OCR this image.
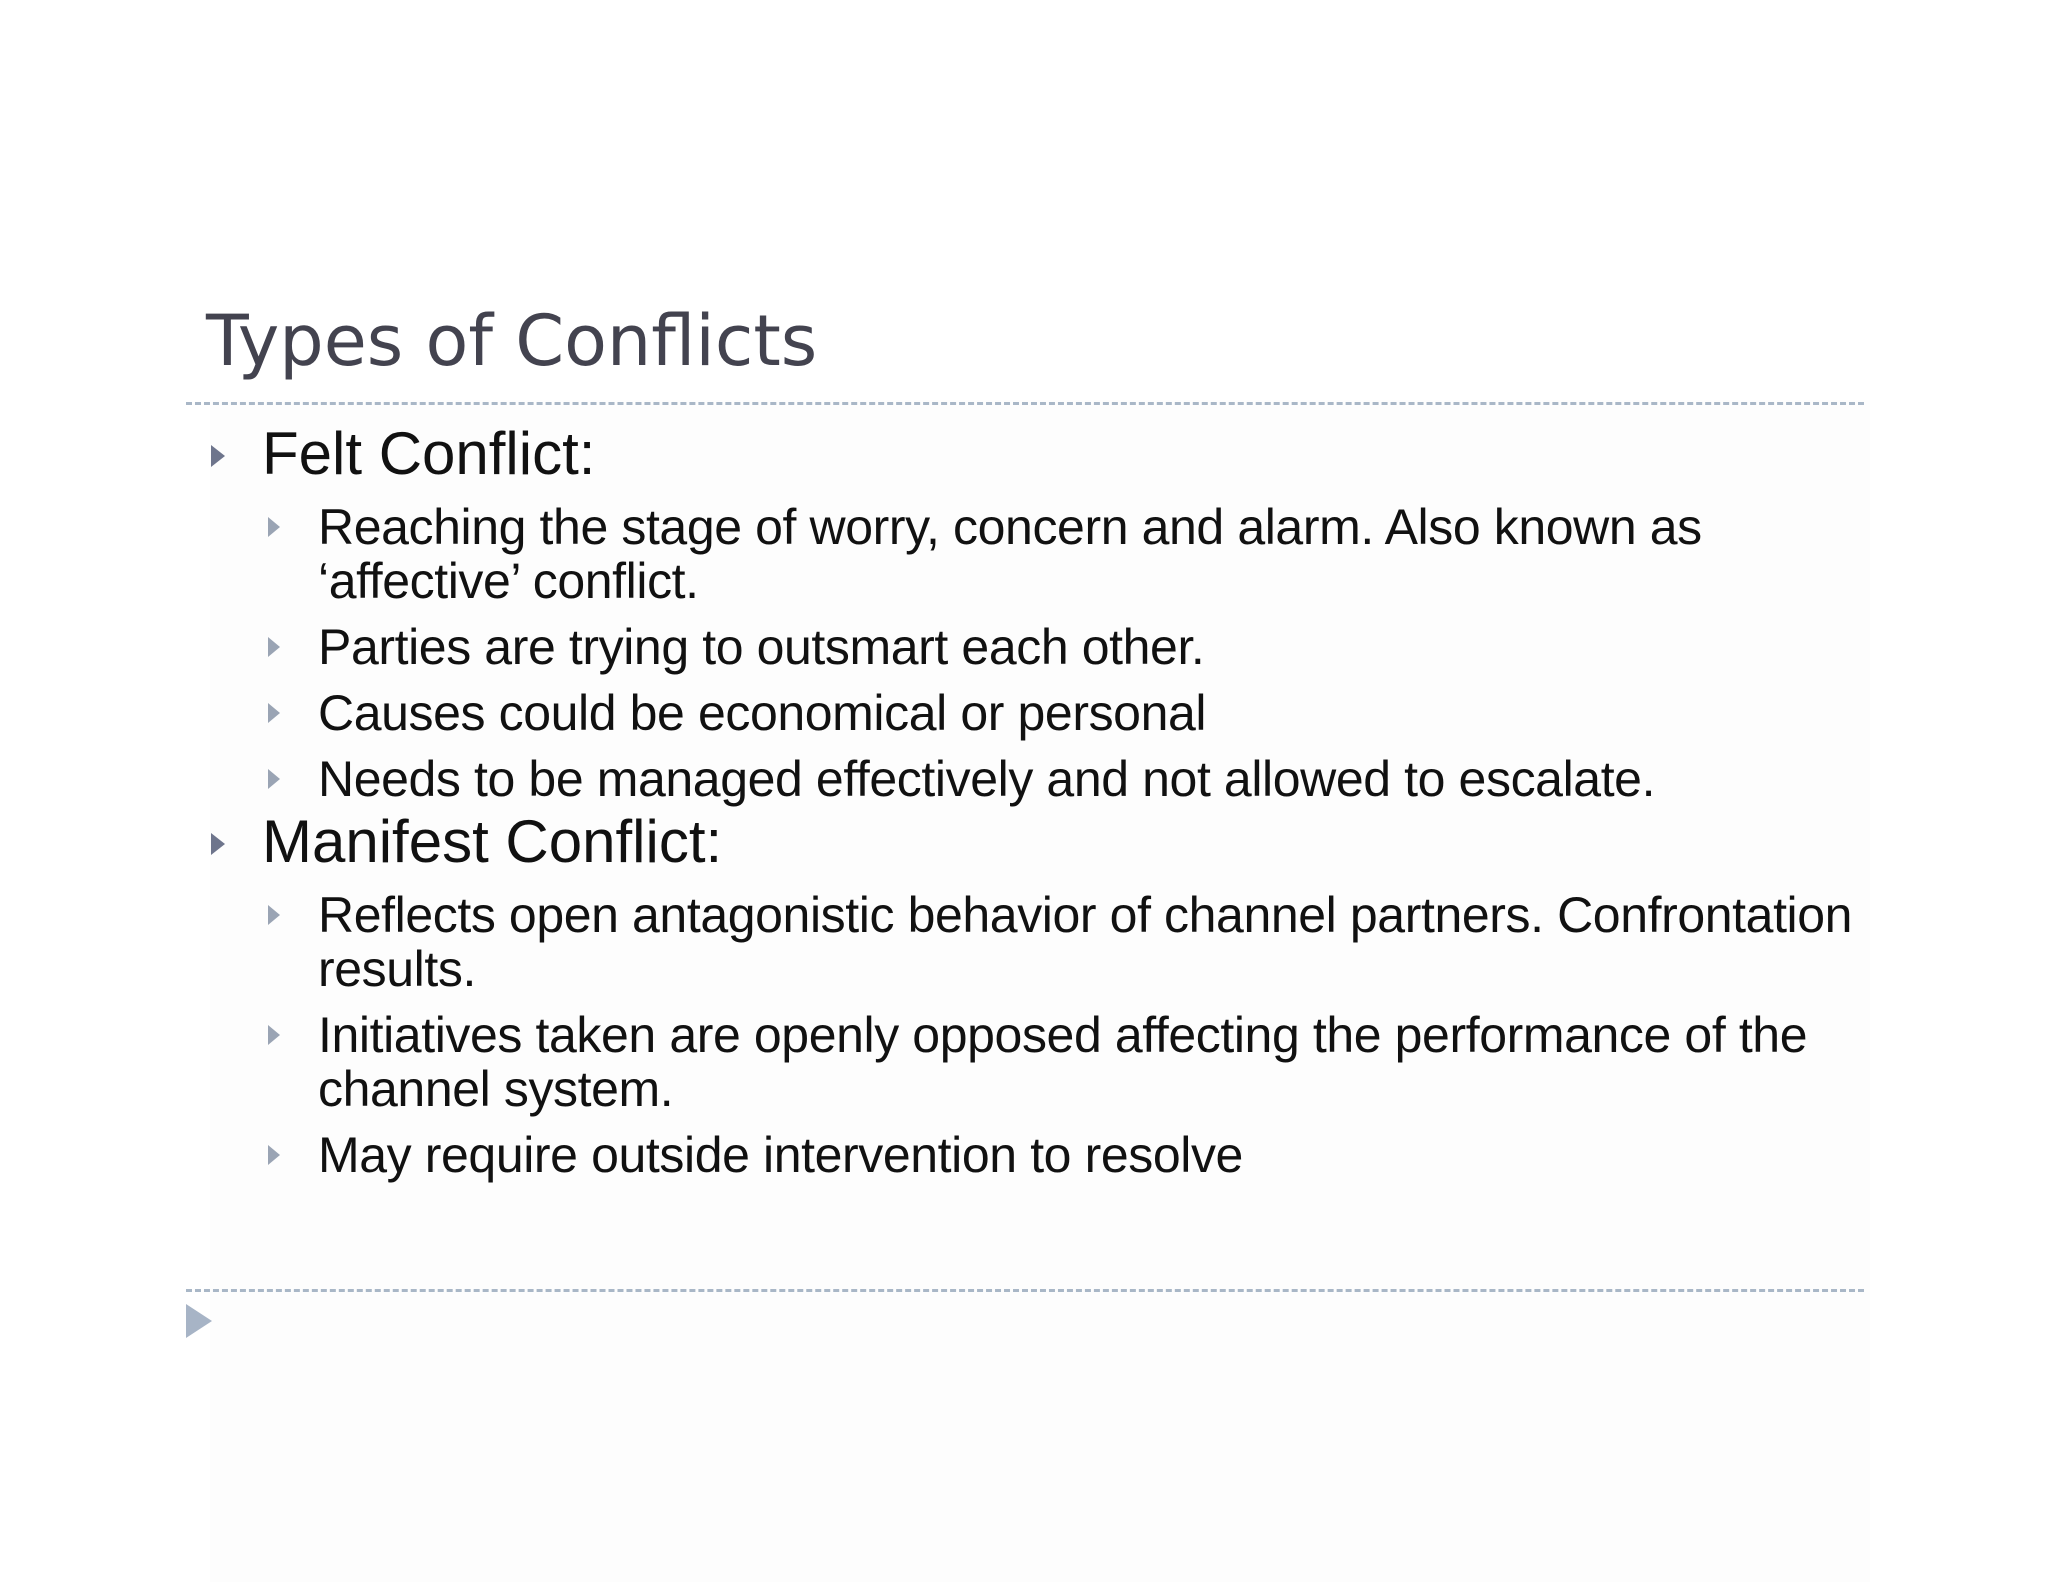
Types of Conflicts
Felt Conflict:
Reaching the stage of worry, concern and alarm. Also known as ‘affective’ conflict.
Parties are trying to outsmart each other.
Causes could be economical or personal
Needs to be managed effectively and not allowed to escalate.
Manifest Conflict:
Reflects open antagonistic behavior of channel partners. Confrontation results.
Initiatives taken are openly opposed affecting the performance of the channel system.
May require outside intervention to resolve
